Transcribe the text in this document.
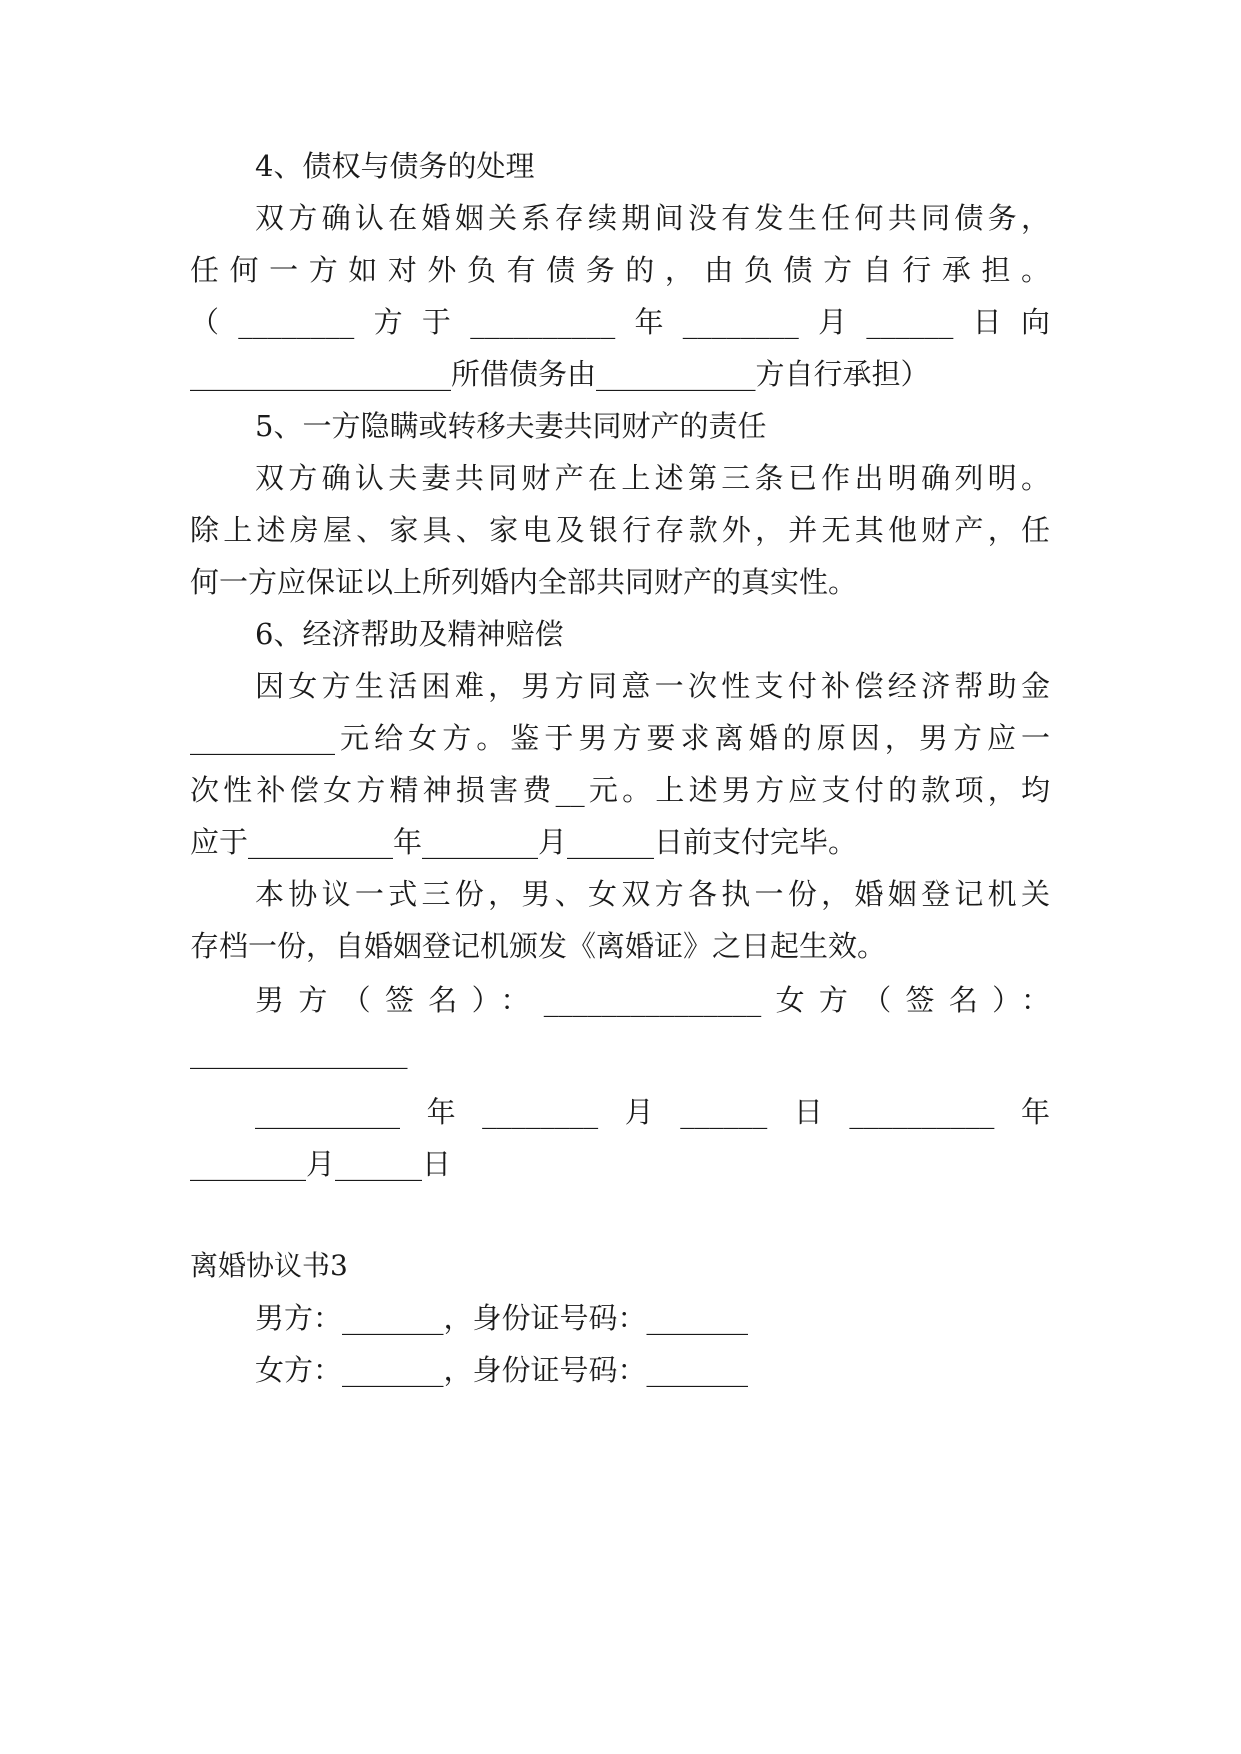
4、债权与债务的处理

双方确认在婚姻关系存续期间没有发生任何共同债务，

任何一方如对外负有债务的，由负债方自行承担。

（________方于__________年________月______日向

__________________所借债务由___________方自行承担）

5、一方隐瞒或转移夫妻共同财产的责任

双方确认夫妻共同财产在上述第三条已作出明确列明。

除上述房屋、家具、家电及银行存款外，并无其他财产，任

何一方应保证以上所列婚内全部共同财产的真实性。

6、经济帮助及精神赔偿

因女方生活困难，男方同意一次性支付补偿经济帮助金

__________元给女方。鉴于男方要求离婚的原因，男方应一

次性补偿女方精神损害费__元。上述男方应支付的款项，均

应于__________年________月______日前支付完毕。

本协议一式三份，男、女双方各执一份，婚姻登记机关

存档一份，自婚姻登记机颁发《离婚证》之日起生效。

男方（签名）：_______________女方（签名）：

_______________

__________年________月______日__________年

________月______日

离婚协议书3

男方：_______，身份证号码：_______

女方：_______，身份证号码：_______
